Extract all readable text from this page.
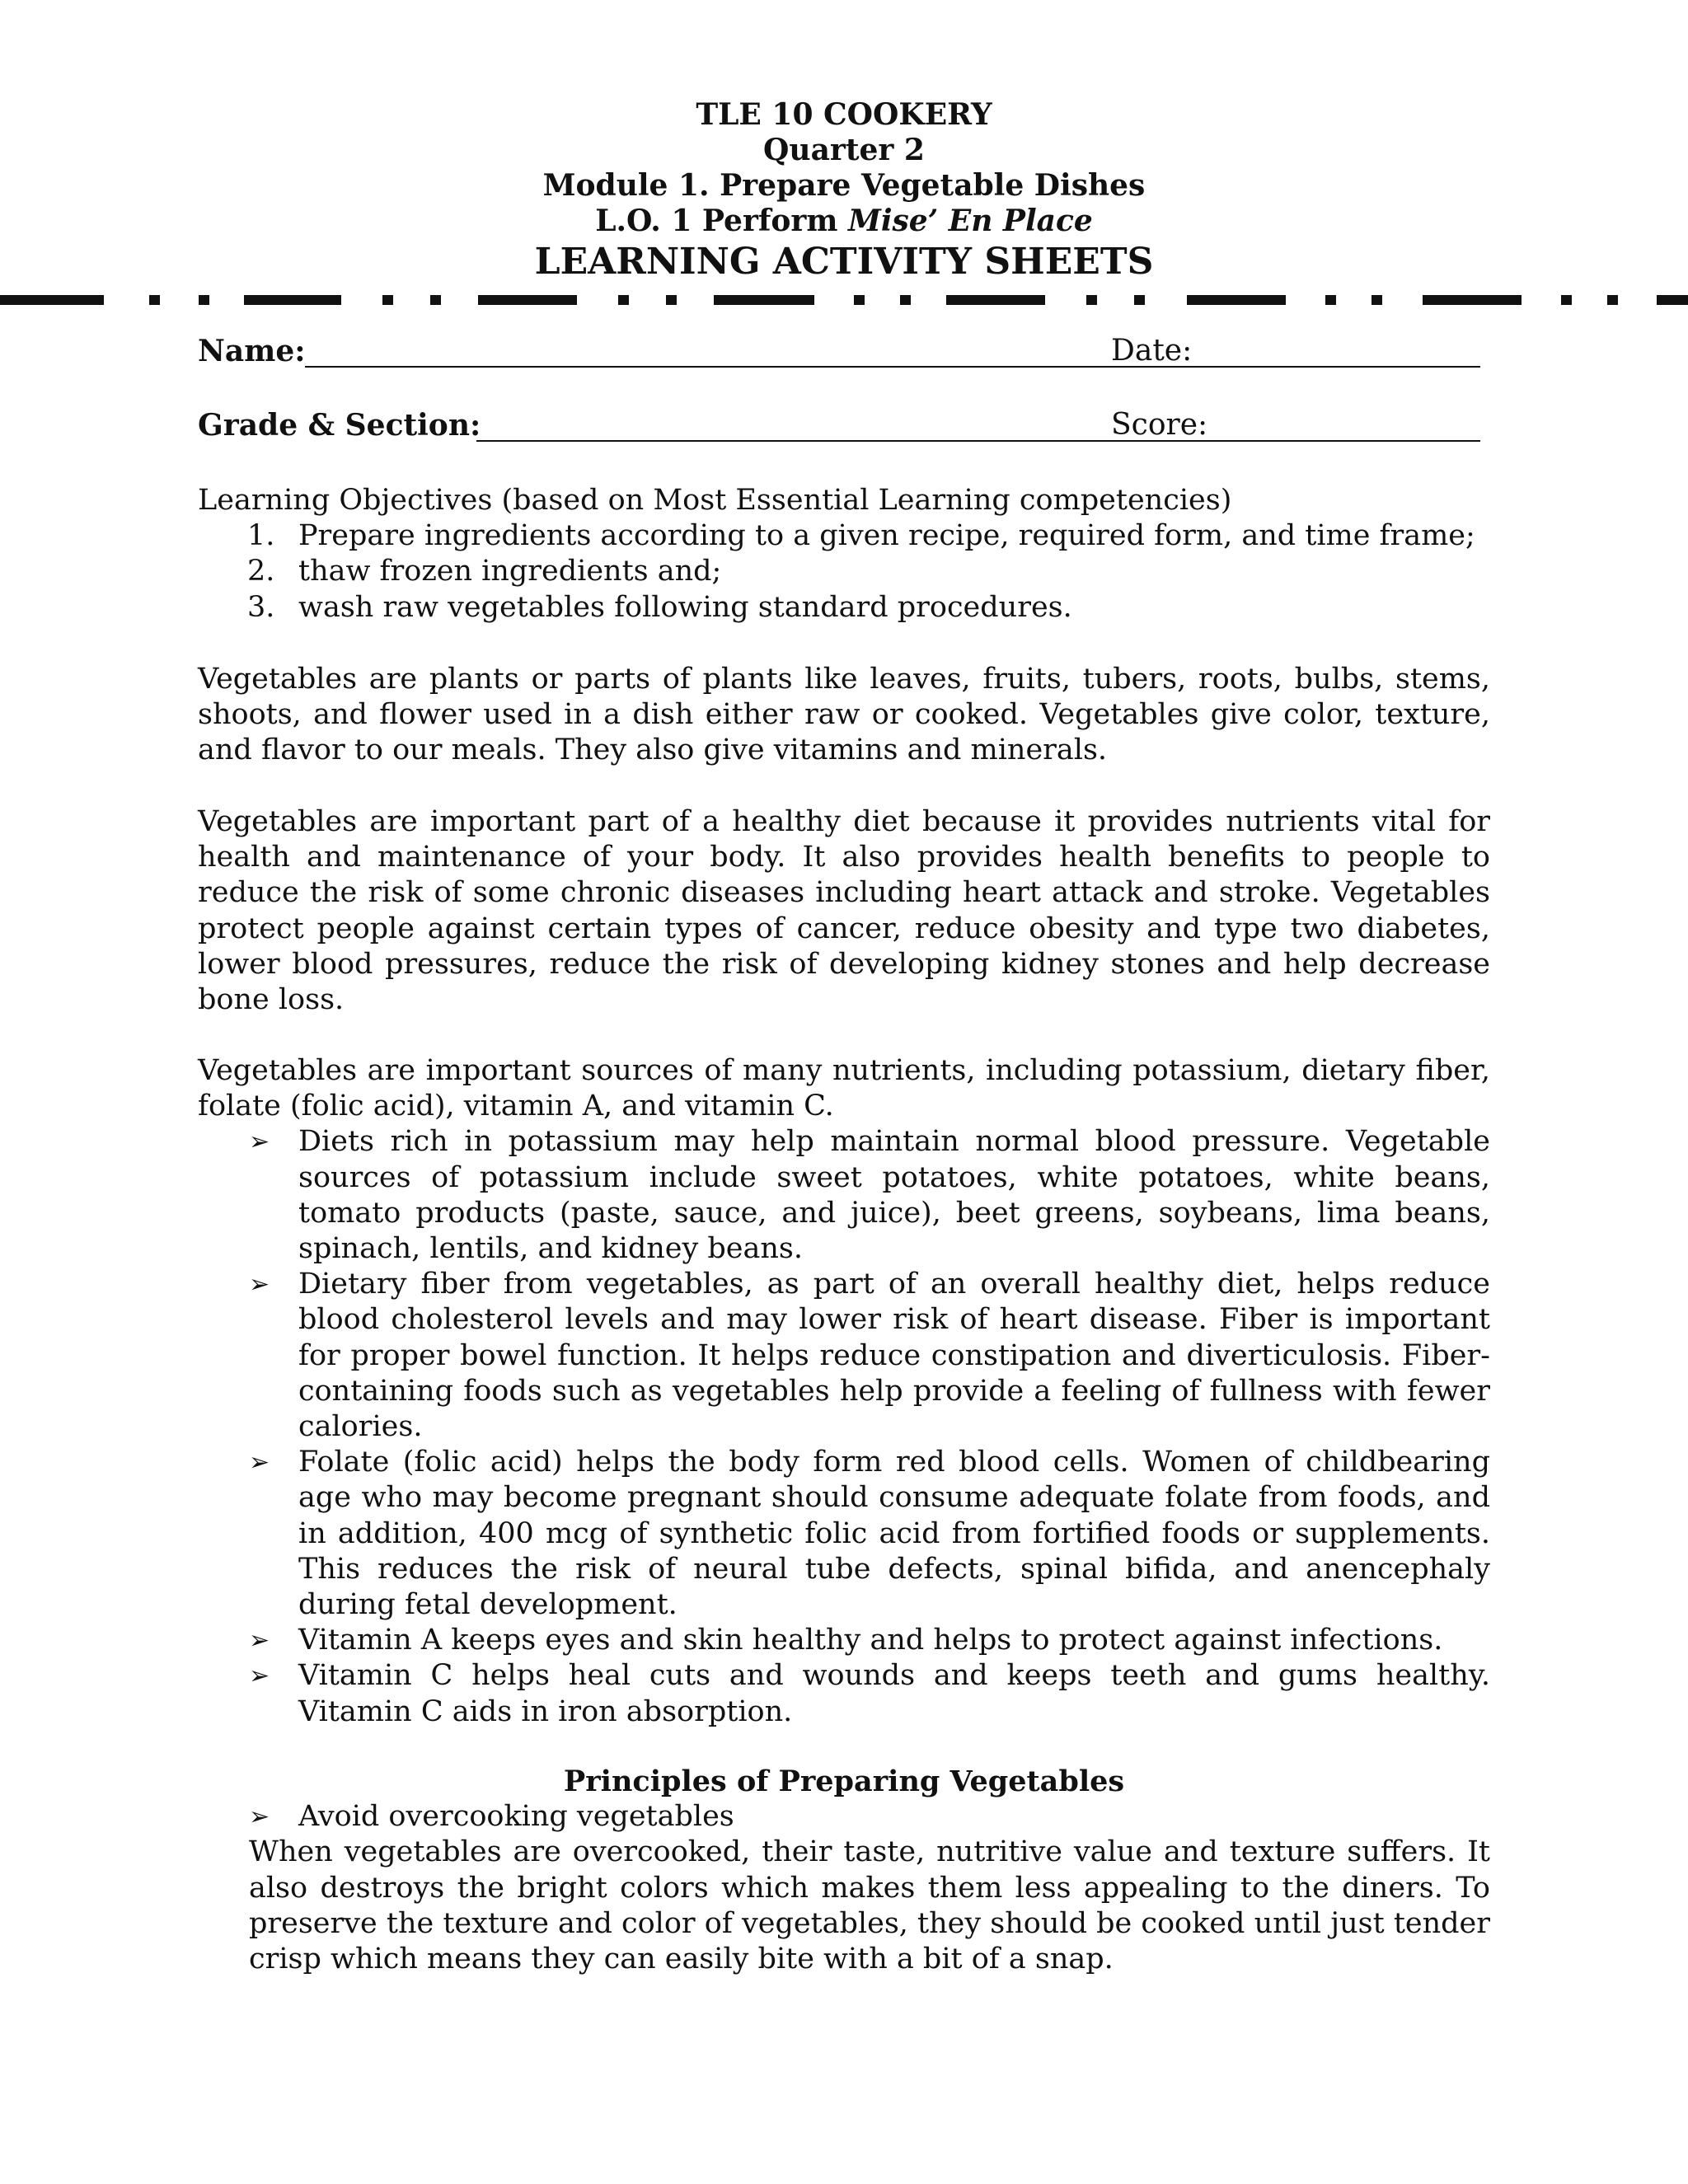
TLE 10 COOKERY
Quarter 2
Module 1. Prepare Vegetable Dishes
L.O. 1 Perform Mise’ En Place
LEARNING ACTIVITY SHEETS
Name:	Date:
Grade & Section:	Score:
Learning Objectives (based on Most Essential Learning competencies)
1. Prepare ingredients according to a given recipe, required form, and time frame;
2. thaw frozen ingredients and;
3. wash raw vegetables following standard procedures.

Vegetables are plants or parts of plants like leaves, fruits, tubers, roots, bulbs, stems, shoots, and flower used in a dish either raw or cooked. Vegetables give color, texture, and flavor to our meals. They also give vitamins and minerals.

Vegetables are important part of a healthy diet because it provides nutrients vital for health and maintenance of your body. It also provides health benefits to people to reduce the risk of some chronic diseases including heart attack and stroke. Vegetables protect people against certain types of cancer, reduce obesity and type two diabetes, lower blood pressures, reduce the risk of developing kidney stones and help decrease bone loss.

Vegetables are important sources of many nutrients, including potassium, dietary fiber, folate (folic acid), vitamin A, and vitamin C.

➢ Diets rich in potassium may help maintain normal blood pressure. Vegetable sources of potassium include sweet potatoes, white potatoes, white beans, tomato products (paste, sauce, and juice), beet greens, soybeans, lima beans, spinach, lentils, and kidney beans.
➢ Dietary fiber from vegetables, as part of an overall healthy diet, helps reduce blood cholesterol levels and may lower risk of heart disease. Fiber is important for proper bowel function. It helps reduce constipation and diverticulosis. Fiber-containing foods such as vegetables help provide a feeling of fullness with fewer calories.
➢ Folate (folic acid) helps the body form red blood cells. Women of childbearing age who may become pregnant should consume adequate folate from foods, and in addition, 400 mcg of synthetic folic acid from fortified foods or supplements. This reduces the risk of neural tube defects, spinal bifida, and anencephaly during fetal development.
➢ Vitamin A keeps eyes and skin healthy and helps to protect against infections.
➢ Vitamin C helps heal cuts and wounds and keeps teeth and gums healthy. Vitamin C aids in iron absorption.
Principles of Preparing Vegetables
➢ Avoid overcooking vegetables

When vegetables are overcooked, their taste, nutritive value and texture suffers. It also destroys the bright colors which makes them less appealing to the diners. To preserve the texture and color of vegetables, they should be cooked until just tender crisp which means they can easily bite with a bit of a snap.
